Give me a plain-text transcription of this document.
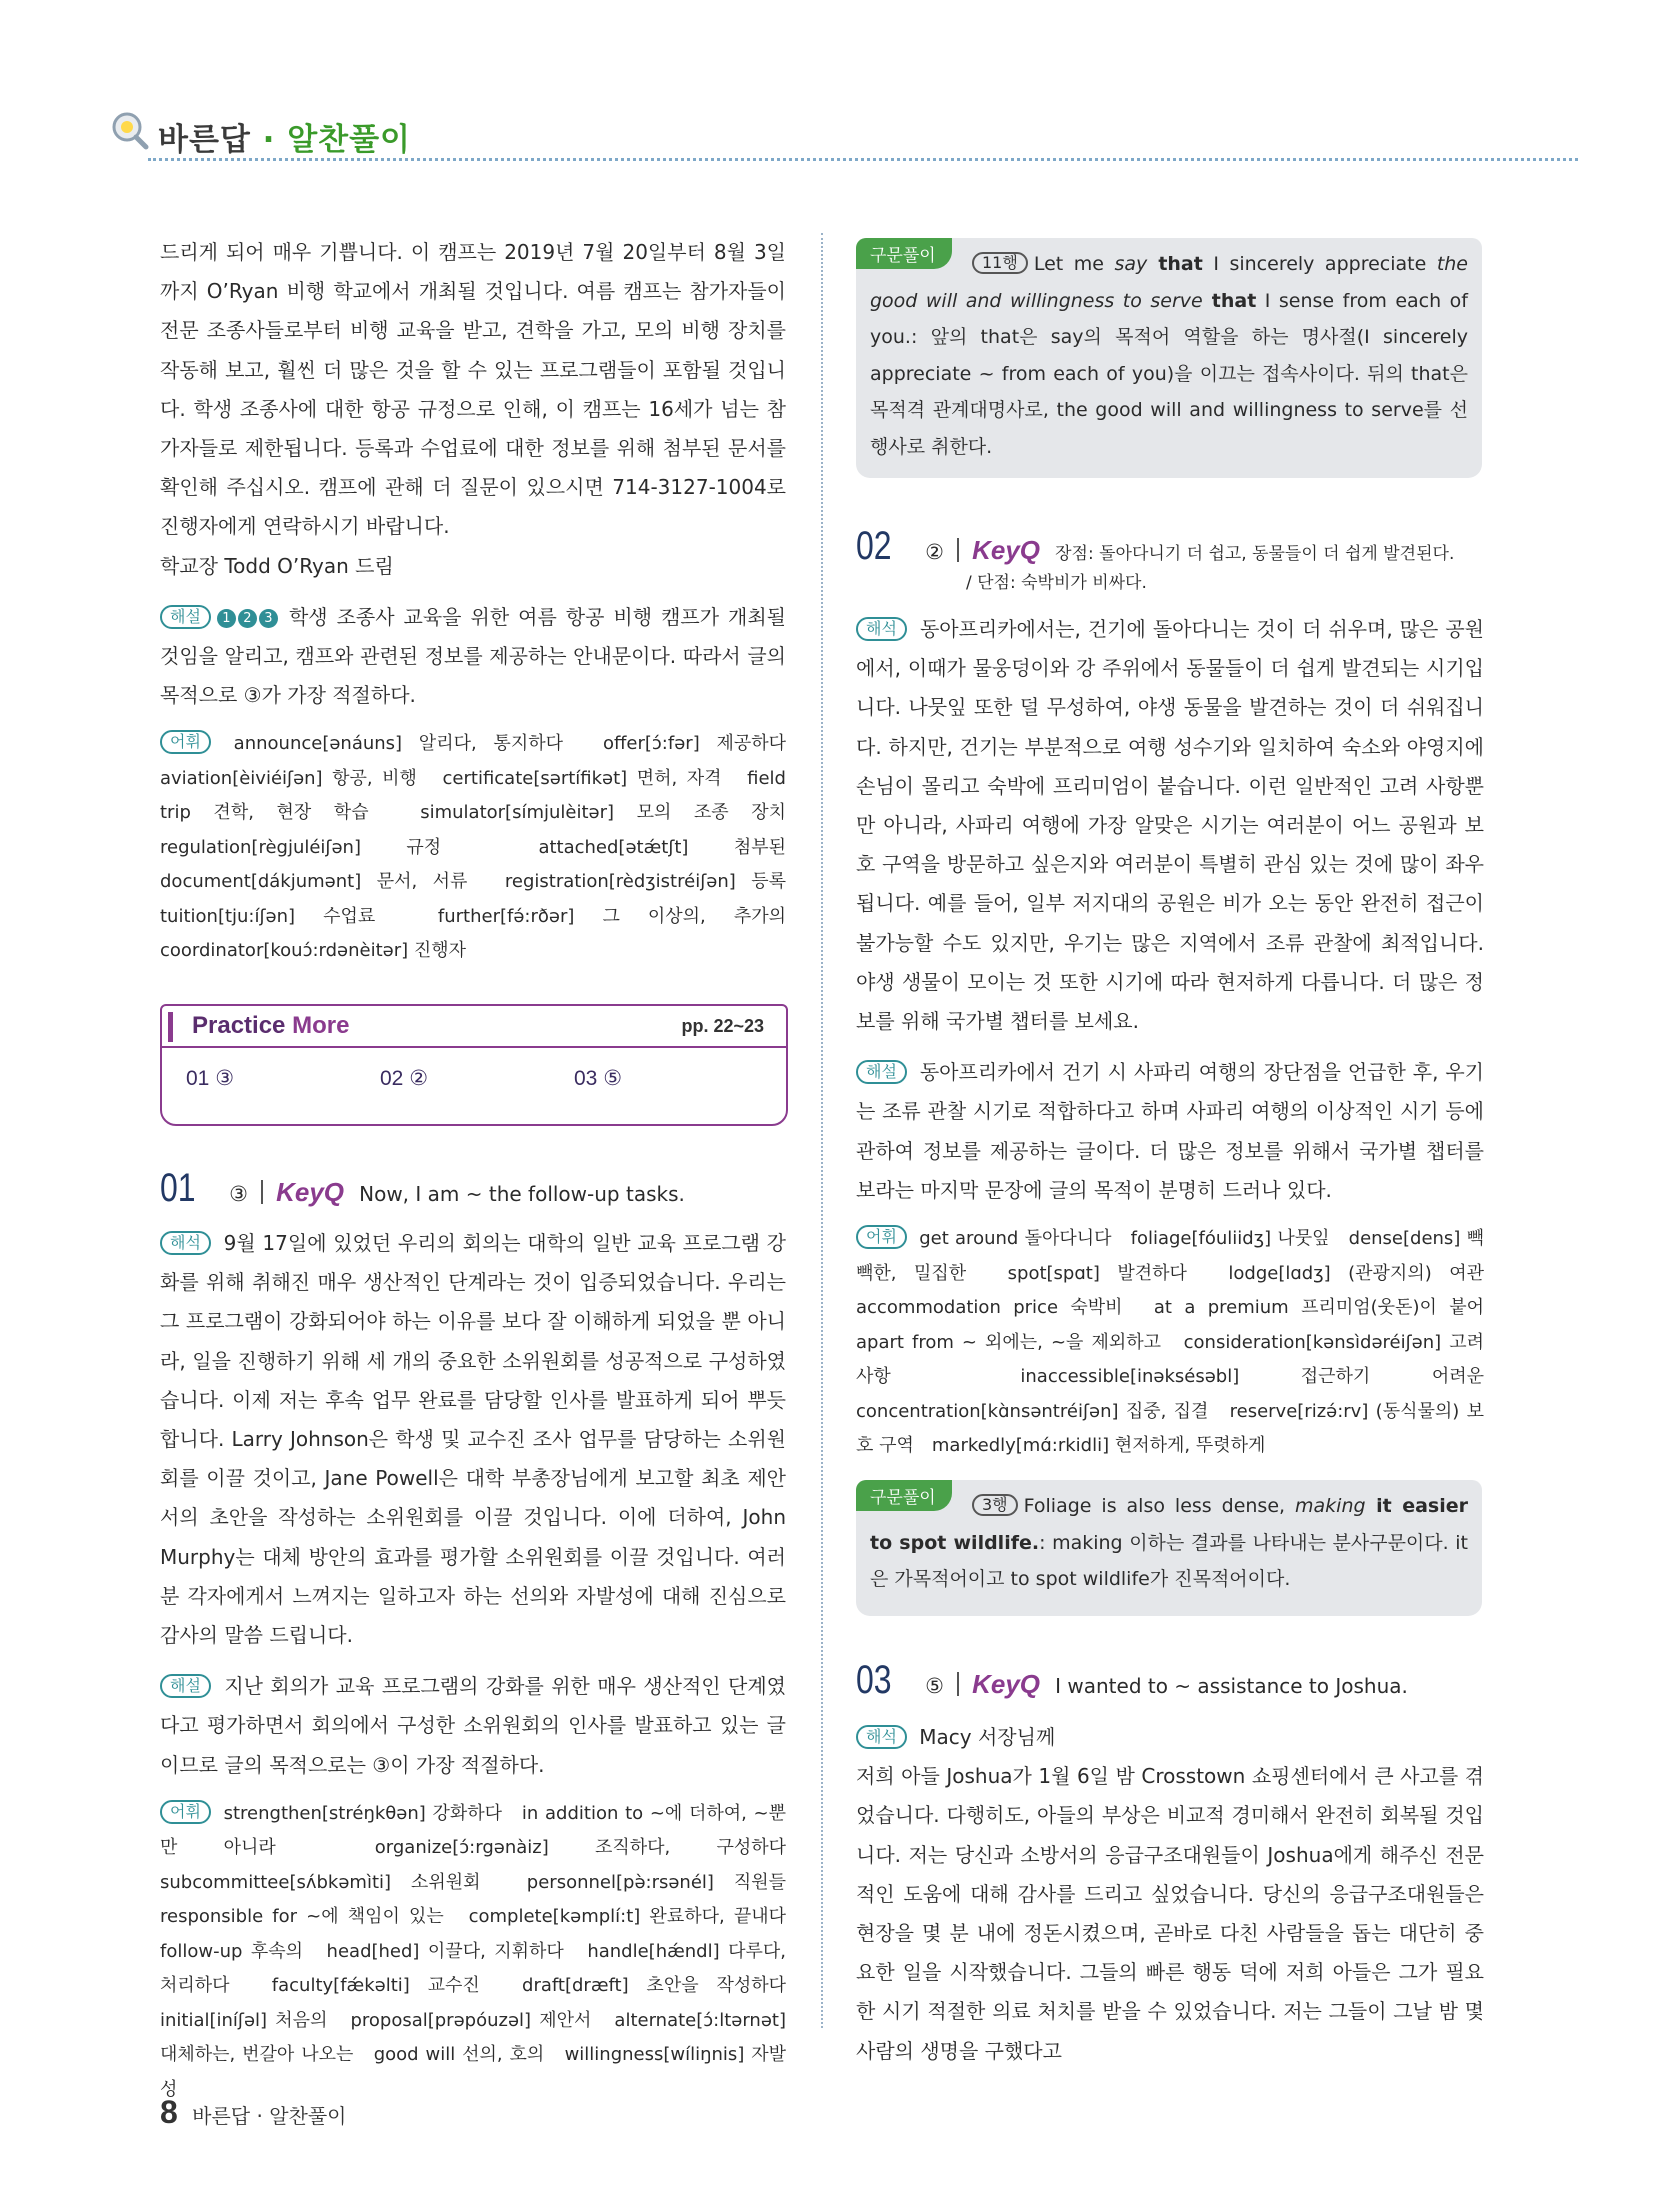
바른답 · 알찬풀이

드리게 되어 매우 기쁩니다. 이 캠프는 2019년 7월 20일부터 8월 3일까지 O’Ryan 비행 학교에서 개최될 것입니다. 여름 캠프는 참가자들이 전문 조종사들로부터 비행 교육을 받고, 견학을 가고, 모의 비행 장치를 작동해 보고, 훨씬 더 많은 것을 할 수 있는 프로그램들이 포함될 것입니다. 학생 조종사에 대한 항공 규정으로 인해, 이 캠프는 16세가 넘는 참가자들로 제한됩니다. 등록과 수업료에 대한 정보를 위해 첨부된 문서를 확인해 주십시오. 캠프에 관해 더 질문이 있으시면 714-3127-1004로 진행자에게 연락하시기 바랍니다.

학교장 Todd O’Ryan 드림

해설 1 2 3 학생 조종사 교육을 위한 여름 항공 비행 캠프가 개최될 것임을 알리고, 캠프와 관련된 정보를 제공하는 안내문이다. 따라서 글의 목적으로 ③가 가장 적절하다.

어휘 announce[ənáuns] 알리다, 통지하다　offer[ɔ́:fər] 제공하다　aviation[èiviéiʃən] 항공, 비행　certificate[sərtífikət] 면허, 자격　field trip 견학, 현장 학습　simulator[símjulèitər] 모의 조종 장치　regulation[règjuléiʃən] 규정　attached[ətǽtʃt] 첨부된　document[dákjumənt] 문서, 서류　registration[rèdʒistréiʃən] 등록　tuition[tju:íʃən] 수업료　further[fə́:rðər] 그 이상의, 추가의　coordinator[kouɔ́:rdənèitər] 진행자

Practice More	pp. 22~23
01 ③	02 ②	03 ⑤
01 ③ KeyQ Now, I am ~ the follow-up tasks.

해석 9월 17일에 있었던 우리의 회의는 대학의 일반 교육 프로그램 강화를 위해 취해진 매우 생산적인 단계라는 것이 입증되었습니다. 우리는 그 프로그램이 강화되어야 하는 이유를 보다 잘 이해하게 되었을 뿐 아니라, 일을 진행하기 위해 세 개의 중요한 소위원회를 성공적으로 구성하였습니다. 이제 저는 후속 업무 완료를 담당할 인사를 발표하게 되어 뿌듯합니다. Larry Johnson은 학생 및 교수진 조사 업무를 담당하는 소위원회를 이끌 것이고, Jane Powell은 대학 부총장님에게 보고할 최초 제안서의 초안을 작성하는 소위원회를 이끌 것입니다. 이에 더하여, John Murphy는 대체 방안의 효과를 평가할 소위원회를 이끌 것입니다. 여러분 각자에게서 느껴지는 일하고자 하는 선의와 자발성에 대해 진심으로 감사의 말씀 드립니다.

해설 지난 회의가 교육 프로그램의 강화를 위한 매우 생산적인 단계였다고 평가하면서 회의에서 구성한 소위원회의 인사를 발표하고 있는 글이므로 글의 목적으로는 ③이 가장 적절하다.

어휘 strengthen[stréŋkθən] 강화하다　in addition to ~에 더하여, ~뿐만 아니라　organize[ɔ́:rgənàiz] 조직하다, 구성하다　subcommittee[sʌ́bkəmìti] 소위원회　personnel[pə̀:rsənél] 직원들　responsible for ~에 책임이 있는　complete[kəmplí:t] 완료하다, 끝내다　follow-up 후속의　head[hed] 이끌다, 지휘하다　handle[hǽndl] 다루다, 처리하다　faculty[fǽkəlti] 교수진　draft[dræft] 초안을 작성하다　initial[iníʃəl] 처음의　proposal[prəpóuzəl] 제안서　alternate[ɔ́:ltərnət] 대체하는, 번갈아 나오는　good will 선의, 호의　willingness[wíliŋnis] 자발성

구문풀이	11행 Let me say that I sincerely appreciate the good will and willingness to serve that I sense from each of you.: 앞의 that은 say의 목적어 역할을 하는 명사절(I sincerely appreciate ~ from each of you)을 이끄는 접속사이다. 뒤의 that은 목적격 관계대명사로, the good will and willingness to serve를 선행사로 취한다.
02 ② KeyQ 장점: 돌아다니기 더 쉽고, 동물들이 더 쉽게 발견된다.
/ 단점: 숙박비가 비싸다.

해석 동아프리카에서는, 건기에 돌아다니는 것이 더 쉬우며, 많은 공원에서, 이때가 물웅덩이와 강 주위에서 동물들이 더 쉽게 발견되는 시기입니다. 나뭇잎 또한 덜 무성하여, 야생 동물을 발견하는 것이 더 쉬워집니다. 하지만, 건기는 부분적으로 여행 성수기와 일치하여 숙소와 야영지에 손님이 몰리고 숙박에 프리미엄이 붙습니다. 이런 일반적인 고려 사항뿐만 아니라, 사파리 여행에 가장 알맞은 시기는 여러분이 어느 공원과 보호 구역을 방문하고 싶은지와 여러분이 특별히 관심 있는 것에 많이 좌우됩니다. 예를 들어, 일부 저지대의 공원은 비가 오는 동안 완전히 접근이 불가능할 수도 있지만, 우기는 많은 지역에서 조류 관찰에 최적입니다. 야생 생물이 모이는 것 또한 시기에 따라 현저하게 다릅니다. 더 많은 정보를 위해 국가별 챕터를 보세요.

해설 동아프리카에서 건기 시 사파리 여행의 장단점을 언급한 후, 우기는 조류 관찰 시기로 적합하다고 하며 사파리 여행의 이상적인 시기 등에 관하여 정보를 제공하는 글이다. 더 많은 정보를 위해서 국가별 챕터를 보라는 마지막 문장에 글의 목적이 분명히 드러나 있다.

어휘 get around 돌아다니다　foliage[fóuliidʒ] 나뭇잎　dense[dens] 빽빽한, 밀집한　spot[spɑt] 발견하다　lodge[lɑdʒ] (관광지의) 여관　accommodation price 숙박비　at a premium 프리미엄(웃돈)이 붙어　apart from ~ 외에는, ~을 제외하고　consideration[kənsìdəréiʃən] 고려 사항　inaccessible[inəksésəbl] 접근하기 어려운　concentration[kɑ̀nsəntréiʃən] 집중, 집결　reserve[rizə́:rv] (동식물의) 보호 구역　markedly[mɑ́:rkidli] 현저하게, 뚜렷하게

구문풀이	3행 Foliage is also less dense, making it easier to spot wildlife.: making 이하는 결과를 나타내는 분사구문이다. it은 가목적어이고 to spot wildlife가 진목적어이다.
03 ⑤ KeyQ I wanted to ~ assistance to Joshua.

해석 Macy 서장님께

저희 아들 Joshua가 1월 6일 밤 Crosstown 쇼핑센터에서 큰 사고를 겪었습니다. 다행히도, 아들의 부상은 비교적 경미해서 완전히 회복될 것입니다. 저는 당신과 소방서의 응급구조대원들이 Joshua에게 해주신 전문적인 도움에 대해 감사를 드리고 싶었습니다. 당신의 응급구조대원들은 현장을 몇 분 내에 정돈시켰으며, 곧바로 다친 사람들을 돕는 대단히 중요한 일을 시작했습니다. 그들의 빠른 행동 덕에 저희 아들은 그가 필요한 시기 적절한 의료 처치를 받을 수 있었습니다. 저는 그들이 그날 밤 몇 사람의 생명을 구했다고

8 바른답 · 알찬풀이
